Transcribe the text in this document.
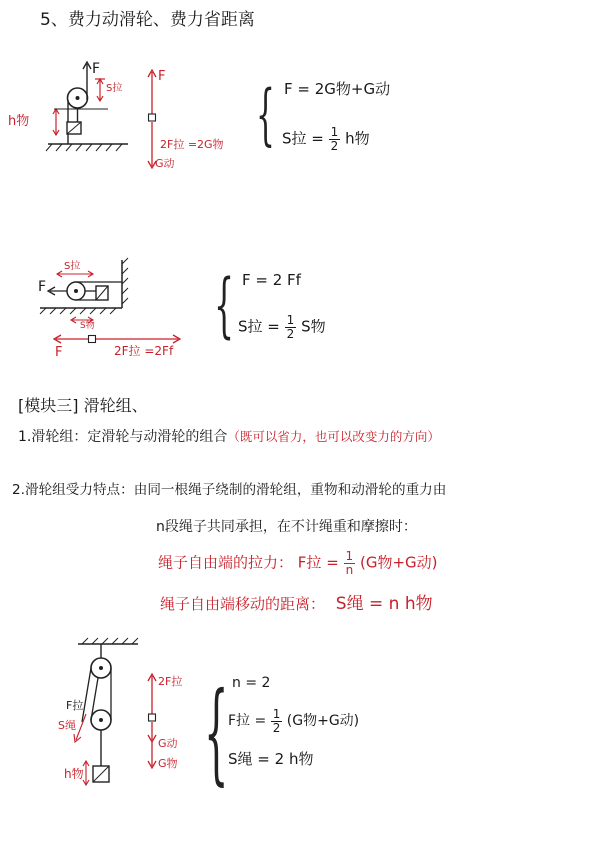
5、费力动滑轮、费力省距离
F
S拉
h物
F
2F拉 =2G物
G动
{ F = 2G物+G动
S拉 = $\frac{1}{2}$ h物
F
S拉
S物
F	2F拉 =2Ff
{ F = 2 Ff
S拉 = $\frac{1}{2}$ S物
[模块三] 滑轮组、
1.滑轮组：定滑轮与动滑轮的组合（既可以省力，也可以改变力的方向）
2.滑轮组受力特点：由同一根绳子绕制的滑轮组，重物和动滑轮的重力由
n段绳子共同承担，在不计绳重和摩擦时：
绳子自由端的拉力： F拉 = $\frac{1}{n} (G$物+G动)
绳子自由端移动的距离： S绳 = n h物
F拉
S绳
h物
2F拉
G动
G物 { n = 2
F拉 = $\frac{1}{2} (G$物+G动)
S绳 = 2 h物
